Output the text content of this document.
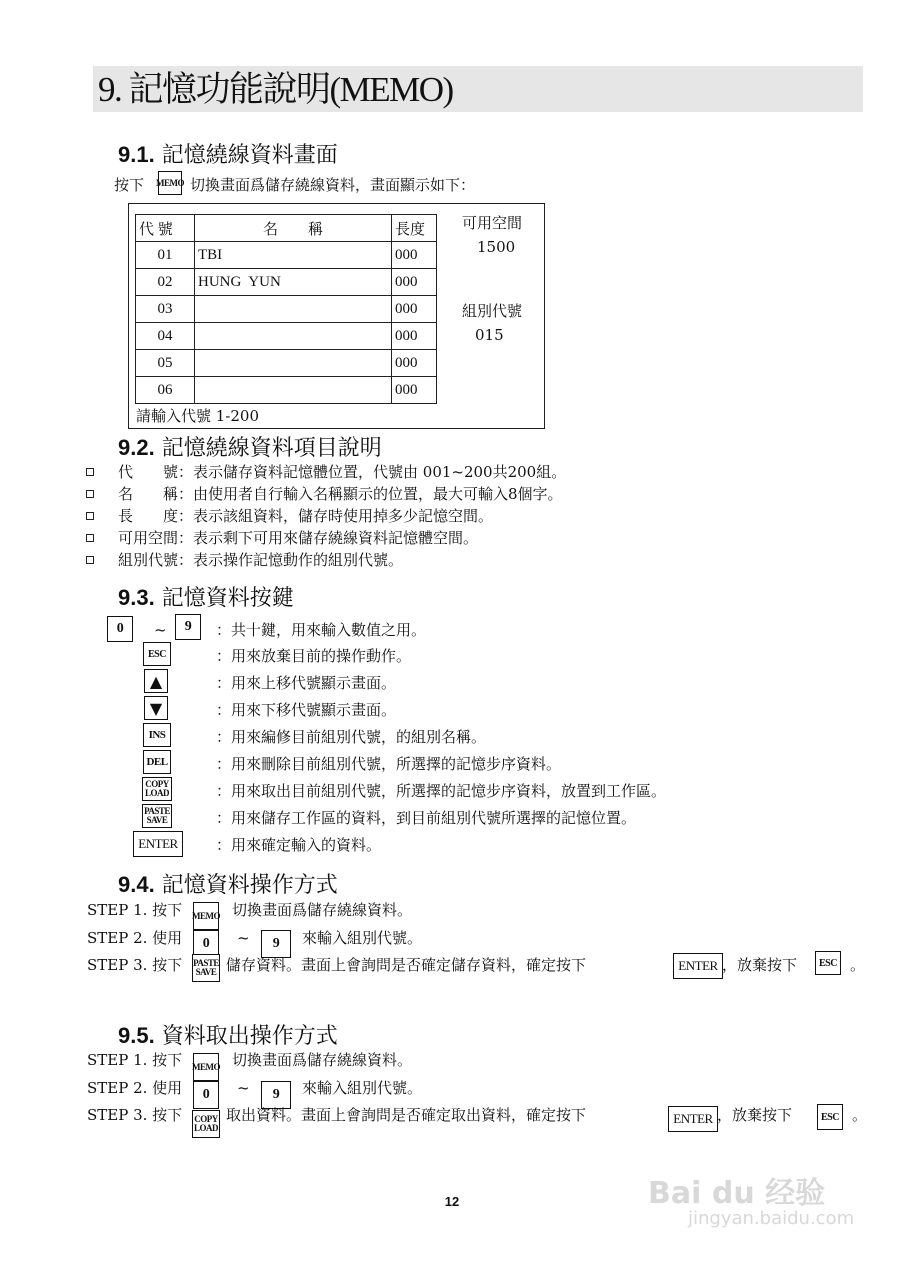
9. 記憶功能說明(MEMO)
9.1. 記憶繞線資料畫面
按下 MEMO 切換畫面爲儲存繞線資料，畫面顯示如下：
代 號	名　　稱	長度
01	TBI	000
02	HUNG  YUN	000
03		000
04		000
05		000
06		000
請輸入代號 1-200
可用空間
1500
組別代號
015
9.2. 記憶繞線資料項目說明
代　　號：表示儲存資料記憶體位置，代號由 001~200共200組。
名　　稱：由使用者自行輸入名稱顯示的位置，最大可輸入8個字。
長　　度：表示該組資料，儲存時使用掉多少記憶空間。
可用空間：表示剩下可用來儲存繞線資料記憶體空間。
組別代號：表示操作記憶動作的組別代號。
9.3. 記憶資料按鍵
0	~	9	：共十鍵，用來輸入數值之用。
ESC	：用來放棄目前的操作動作。
▲	：用來上移代號顯示畫面。
▼	：用來下移代號顯示畫面。
INS	：用來編修目前組別代號，的組別名稱。
DEL	：用來刪除目前組別代號，所選擇的記憶步序資料。
COPY
LOAD	：用來取出目前組別代號，所選擇的記憶步序資料，放置到工作區。
PASTE
SAVE	：用來儲存工作區的資料，到目前組別代號所選擇的記憶位置。
ENTER	：用來確定輸入的資料。
9.4. 記憶資料操作方式
STEP 1. 按下 MEMO 切換畫面爲儲存繞線資料。
STEP 2. 使用	0	~	9	來輸入組別代號。
STEP 3. 按下 PASTE
SAVE 儲存資料。畫面上會詢問是否確定儲存資料，確定按下	ENTER ，放棄按下	ESC 。
9.5. 資料取出操作方式
STEP 1. 按下 MEMO 切換畫面爲儲存繞線資料。
STEP 2. 使用	0	~	9	來輸入組別代號。
STEP 3. 按下 COPY
LOAD
取出資料。畫面上會詢問是否確定取出資料，確定按下	ENTER ，放棄按下	ESC 。
12	Bai du 经验
jingyan.baidu.com
